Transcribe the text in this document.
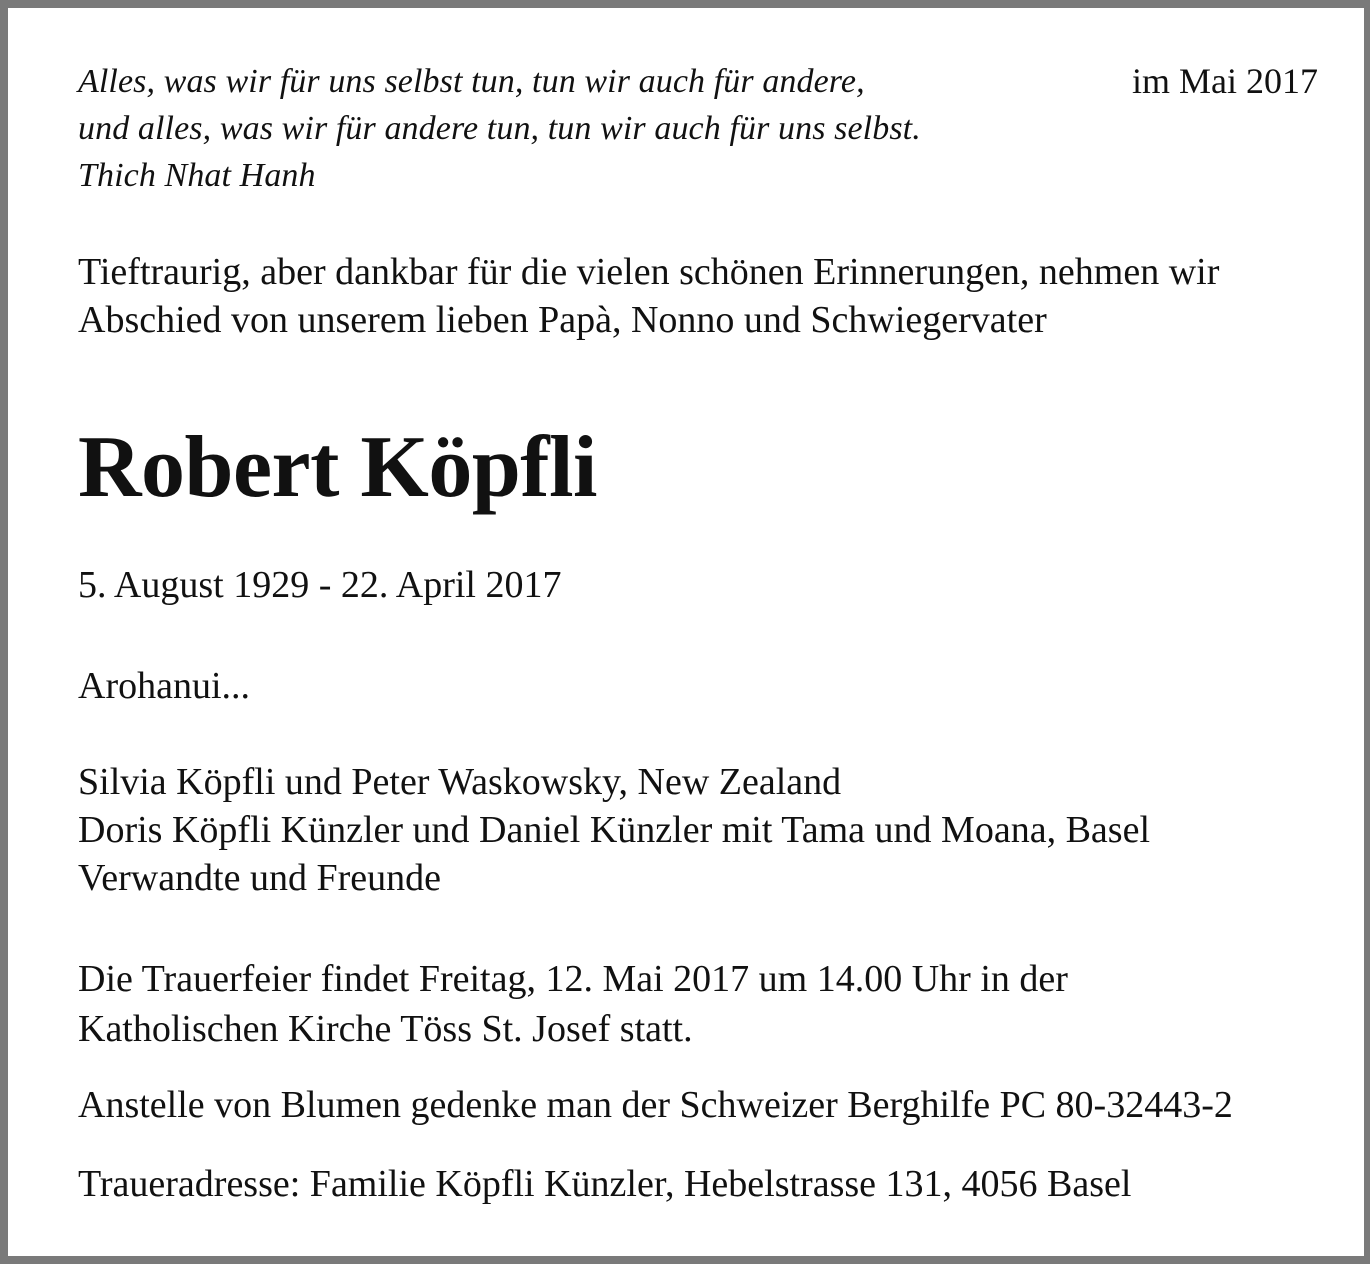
Alles, was wir für uns selbst tun, tun wir auch für andere,
und alles, was wir für andere tun, tun wir auch für uns selbst.
Thich Nhat Hanh
im Mai 2017
Tieftraurig, aber dankbar für die vielen schönen Erinnerungen, nehmen wir
Abschied von unserem lieben Papà, Nonno und Schwiegervater
Robert Köpfli
5. August 1929 - 22. April 2017
Arohanui...
Silvia Köpfli und Peter Waskowsky, New Zealand
Doris Köpfli Künzler und Daniel Künzler mit Tama und Moana, Basel
Verwandte und Freunde
Die Trauerfeier findet Freitag, 12. Mai 2017 um 14.00 Uhr in der
Katholischen Kirche Töss St. Josef statt.
Anstelle von Blumen gedenke man der Schweizer Berghilfe PC 80-32443-2
Traueradresse: Familie Köpfli Künzler, Hebelstrasse 131, 4056 Basel
